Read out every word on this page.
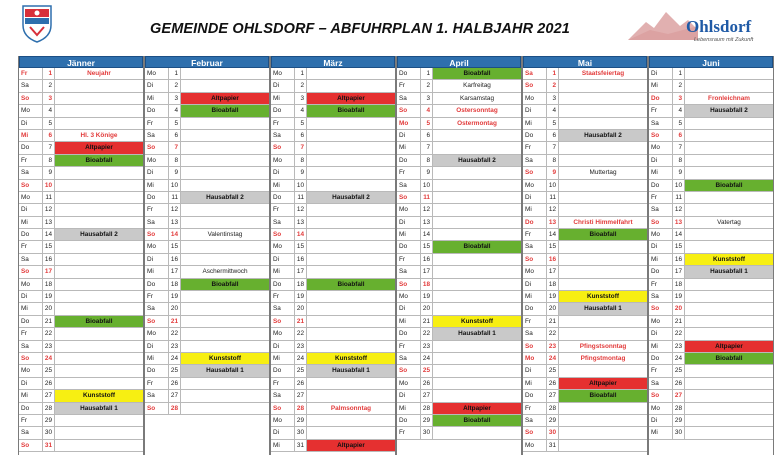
GEMEINDE OHLSDORF – ABFUHRPLAN 1. HALBJAHR 2021	Ohlsdorf
Lebensraum mit Zukunft
Jänner
Fr	1	Neujahr
Sa	2
So	3
Mo	4
Di	5
Mi	6	Hl. 3 Könige
Do	7	Altpapier
Fr	8	Bioabfall
Sa	9
So	10
Mo	11
Di	12
Mi	13
Do	14	Hausabfall 2
Fr	15
Sa	16
So	17
Mo	18
Di	19
Mi	20
Do	21	Bioabfall
Fr	22
Sa	23
So	24
Mo	25
Di	26
Mi	27	Kunststoff
Do	28	Hausabfall 1
Fr	29
Sa	30
So	31
Februar
Mo	1
Di	2
Mi	3	Altpapier
Do	4	Bioabfall
Fr	5
Sa	6
So	7
Mo	8
Di	9
Mi	10
Do	11	Hausabfall 2
Fr	12
Sa	13
So	14	Valentinstag
Mo	15
Di	16
Mi	17	Aschermittwoch
Do	18	Bioabfall
Fr	19
Sa	20
So	21
Mo	22
Di	23
Mi	24	Kunststoff
Do	25	Hausabfall 1
Fr	26
Sa	27
So	28
März
Mo	1
Di	2
Mi	3	Altpapier
Do	4	Bioabfall
Fr	5
Sa	6
So	7
Mo	8
Di	9
Mi	10
Do	11	Hausabfall 2
Fr	12
Sa	13
So	14
Mo	15
Di	16
Mi	17
Do	18	Bioabfall
Fr	19
Sa	20
So	21
Mo	22
Di	23
Mi	24	Kunststoff
Do	25	Hausabfall 1
Fr	26
Sa	27
So	28	Palmsonntag
Mo	29
Di	30
Mi	31	Altpapier
April
Do	1	Bioabfall
Fr	2	Karfreitag
Sa	3	Karsamstag
So	4	Ostersonntag
Mo	5	Ostermontag
Di	6
Mi	7
Do	8	Hausabfall 2
Fr	9
Sa	10
So	11
Mo	12
Di	13
Mi	14
Do	15	Bioabfall
Fr	16
Sa	17
So	18
Mo	19
Di	20
Mi	21	Kunststoff
Do	22	Hausabfall 1
Fr	23
Sa	24
So	25
Mo	26
Di	27
Mi	28	Altpapier
Do	29	Bioabfall
Fr	30
Mai
Sa	1	Staatsfeiertag
So	2
Mo	3
Di	4
Mi	5
Do	6	Hausabfall 2
Fr	7
Sa	8
So	9	Muttertag
Mo	10
Di	11
Mi	12
Do	13	Christi Himmelfahrt
Fr	14	Bioabfall
Sa	15
So	16
Mo	17
Di	18
Mi	19	Kunststoff
Do	20	Hausabfall 1
Fr	21
Sa	22
So	23	Pfingstsonntag
Mo	24	Pfingstmontag
Di	25
Mi	26	Altpapier
Do	27	Bioabfall
Fr	28
Sa	29
So	30
Mo	31
Juni
Di	1
Mi	2
Do	3	Fronleichnam
Fr	4	Hausabfall 2
Sa	5
So	6
Mo	7
Di	8
Mi	9
Do	10	Bioabfall
Fr	11
Sa	12
So	13	Vatertag
Mo	14
Di	15
Mi	16	Kunststoff
Do	17	Hausabfall 1
Fr	18
Sa	19
So	20
Mo	21
Di	22
Mi	23	Altpapier
Do	24	Bioabfall
Fr	25
Sa	26
So	27
Mo	28
Di	29
Mi	30
